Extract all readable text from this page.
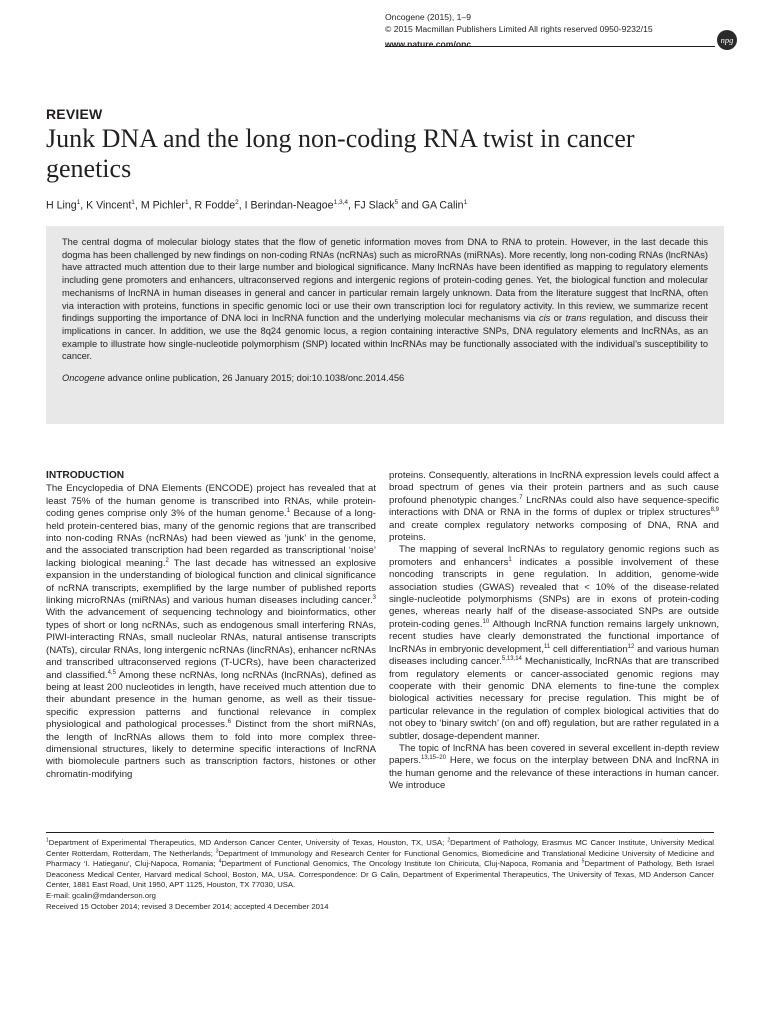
Oncogene (2015), 1–9
© 2015 Macmillan Publishers Limited All rights reserved 0950-9232/15
www.nature.com/onc	npg
REVIEW
Junk DNA and the long non-coding RNA twist in cancer genetics
H Ling$^1$, K Vincent$^1$, M Pichler$^1$, R Fodde$^2$, I Berindan-Neagoe$^{1,3,4}$, FJ Slack$^5$ and GA Calin$^1$

The central dogma of molecular biology states that the flow of genetic information moves from DNA to RNA to protein. However, in the last decade this dogma has been challenged by new findings on non-coding RNAs (ncRNAs) such as microRNAs (miRNAs). More recently, long non-coding RNAs (lncRNAs) have attracted much attention due to their large number and biological significance. Many lncRNAs have been identified as mapping to regulatory elements including gene promoters and enhancers, ultraconserved regions and intergenic regions of protein-coding genes. Yet, the biological function and molecular mechanisms of lncRNA in human diseases in general and cancer in particular remain largely unknown. Data from the literature suggest that lncRNA, often via interaction with proteins, functions in specific genomic loci or use their own transcription loci for regulatory activity. In this review, we summarize recent findings supporting the importance of DNA loci in lncRNA function and the underlying molecular mechanisms via cis or trans regulation, and discuss their implications in cancer. In addition, we use the 8q24 genomic locus, a region containing interactive SNPs, DNA regulatory elements and lncRNAs, as an example to illustrate how single-nucleotide polymorphism (SNP) located within lncRNAs may be functionally associated with the individual’s susceptibility to cancer.

Oncogene advance online publication, 26 January 2015; doi:10.1038/onc.2014.456

INTRODUCTION

The Encyclopedia of DNA Elements (ENCODE) project has revealed that at least 75% of the human genome is transcribed into RNAs, while protein-coding genes comprise only 3% of the human genome.$^1$ Because of a long-held protein-centered bias, many of the genomic regions that are transcribed into non-coding RNAs (ncRNAs) had been viewed as ‘junk’ in the genome, and the associated transcription had been regarded as transcriptional ‘noise’ lacking biological meaning.$^2$ The last decade has witnessed an explosive expansion in the understanding of biological function and clinical significance of ncRNA transcripts, exemplified by the large number of published reports linking microRNAs (miRNAs) and various human diseases including cancer.$^3$ With the advancement of sequencing technology and bioinformatics, other types of short or long ncRNAs, such as endogenous small interfering RNAs, PIWI-interacting RNAs, small nucleolar RNAs, natural antisense transcripts (NATs), circular RNAs, long intergenic ncRNAs (lincRNAs), enhancer ncRNAs and transcribed ultraconserved regions (T-UCRs), have been characterized and classified.$^{4,5}$ Among these ncRNAs, long ncRNAs (lncRNAs), defined as being at least 200 nucleotides in length, have received much attention due to their abundant presence in the human genome, as well as their tissue-specific expression patterns and functional relevance in complex physiological and pathological processes.$^6$ Distinct from the short miRNAs, the length of lncRNAs allows them to fold into more complex three-dimensional structures, likely to determine specific interactions of lncRNA with biomolecule partners such as transcription factors, histones or other chromatin-modifying

proteins. Consequently, alterations in lncRNA expression levels could affect a broad spectrum of genes via their protein partners and as such cause profound phenotypic changes.$^7$ LncRNAs could also have sequence-specific interactions with DNA or RNA in the forms of duplex or triplex structures$^{8,9}$ and create complex regulatory networks composing of DNA, RNA and proteins.

The mapping of several lncRNAs to regulatory genomic regions such as promoters and enhancers$^1$ indicates a possible involvement of these noncoding transcripts in gene regulation. In addition, genome-wide association studies (GWAS) revealed that < 10% of the disease-related single-nucleotide polymorphisms (SNPs) are in exons of protein-coding genes, whereas nearly half of the disease-associated SNPs are outside protein-coding genes.$^{10}$ Although lncRNA function remains largely unknown, recent studies have clearly demonstrated the functional importance of lncRNAs in embryonic development,$^{11}$ cell differentiation$^{12}$ and various human diseases including cancer.$^{5,13,14}$ Mechanistically, lncRNAs that are transcribed from regulatory elements or cancer-associated genomic regions may cooperate with their genomic DNA elements to fine-tune the complex biological activities necessary for precise regulation. This might be of particular relevance in the regulation of complex biological activities that do not obey to ‘binary switch’ (on and off) regulation, but are rather regulated in a subtler, dosage-dependent manner.

The topic of lncRNA has been covered in several excellent in-depth review papers.$^{13,15-20}$ Here, we focus on the interplay between DNA and lncRNA in the human genome and the relevance of these interactions in human cancer. We introduce

$^1$Department of Experimental Therapeutics, MD Anderson Cancer Center, University of Texas, Houston, TX, USA; $^2$Department of Pathology, Erasmus MC Cancer Institute, University Medical Center Rotterdam, Rotterdam, The Netherlands; $^3$Department of Immunology and Research Center for Functional Genomics, Biomedicine and Translational Medicine University of Medicine and Pharmacy ‘I. Hatieganu’, Cluj-Napoca, Romania; $^4$Department of Functional Genomics, The Oncology Institute Ion Chiricuta, Cluj-Napoca, Romania and $^5$Department of Pathology, Beth Israel Deaconess Medical Center, Harvard medical School, Boston, MA, USA. Correspondence: Dr G Calin, Department of Experimental Therapeutics, The University of Texas, MD Anderson Cancer Center, 1881 East Road, Unit 1950, APT 1125, Houston, TX 77030, USA.

E-mail: gcalin@mdanderson.org

Received 15 October 2014; revised 3 December 2014; accepted 4 December 2014
